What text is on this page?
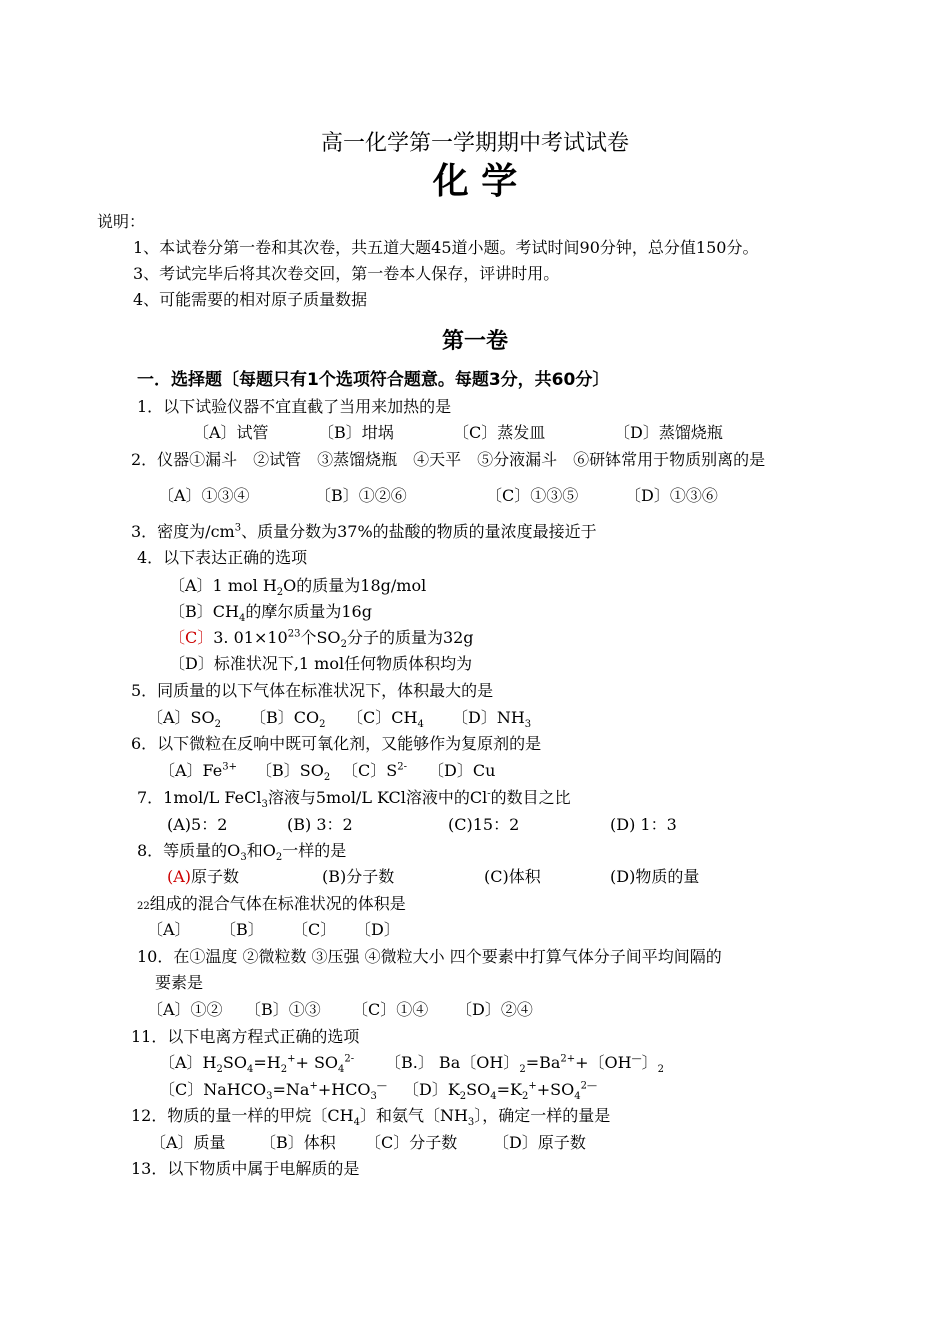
高一化学第一学期期中考试试卷
化 学
说明：
1、本试卷分第一卷和其次卷，共五道大题45道小题。考试时间90分钟，总分值150分。
3、考试完毕后将其次卷交回，第一卷本人保存，评讲时用。
4、可能需要的相对原子质量数据
第一卷
一．选择题〔每题只有1个选项符合题意。每题3分，共60分〕
1．以下试验仪器不宜直截了当用来加热的是
〔A〕试管	〔B〕坩埚	〔C〕蒸发皿	〔D〕蒸馏烧瓶
2．仪器①漏斗　②试管　③蒸馏烧瓶　④天平　⑤分液漏斗　⑥研钵常用于物质别离的是
〔A〕①③④	〔B〕①②⑥	〔C〕①③⑤	〔D〕①③⑥
3．密度为$/cm^3$、质量分数为37%的盐酸的物质的量浓度最接近于
4．以下表达正确的选项
〔A〕1 mol $H_2O$的质量为18g/mol
〔B〕$CH_4$的摩尔质量为16g
〔C〕3. $01\times 10^{23}$个$SO_2$分子的质量为32g
〔D〕标准状况下,1 mol任何物质体积均为
5．同质量的以下气体在标准状况下，体积最大的是
〔A〕$SO_2$ 〔B〕$CO_2$ 〔C〕$CH_4$ 〔D〕$NH_3$
6．以下微粒在反响中既可氧化剂，又能够作为复原剂的是
〔A〕$Fe^{3+}$ 〔B〕$SO_2$ 〔C〕$S^{2-}$ 〔D〕Cu
7．1mol/L FeCl$_3$溶液与5mol/L KCl溶液中的Cl-的数目之比
(A)5：2	(B) 3：2	(C)15：2	(D) 1：3
8．等质量的$O_3$和$O_2$一样的是
(A)原子数	(B)分子数	(C)体积	(D)物质的量
22组成的混合气体在标准状况的体积是
〔A〕 〔B〕 〔C〕 〔D〕
10．在①温度 ②微粒数 ③压强 ④微粒大小 四个要素中打算气体分子间平均间隔的
要素是
〔A〕①② 〔B〕①③ 〔C〕①④ 〔D〕②④
11．以下电离方程式正确的选项
〔A〕$H_2SO_4=H_2^++ SO_4^{2-}$ 〔B.〕 Ba〔OH〕$_2=Ba^{2+}+$〔OH—〕$_2$
〔C〕$NaHCO_3=Na^++HCO_3^—$ 〔D〕$K_2SO_4=K_2^++SO_4^{2—}$
12．物质的量一样的甲烷〔$CH_4$〕和氨气〔$NH_3$〕，确定一样的量是
〔A〕质量 〔B〕体积 〔C〕分子数 〔D〕原子数
13．以下物质中属于电解质的是
